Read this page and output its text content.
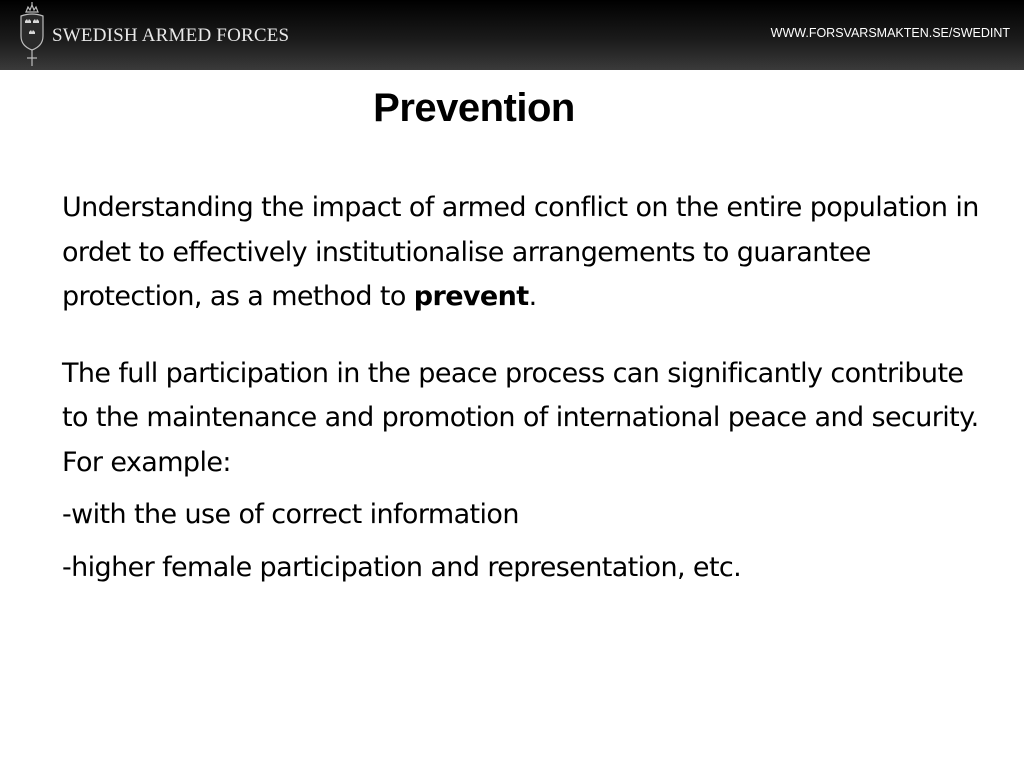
SWEDISH ARMED FORCES	WWW.FORSVARSMAKTEN.SE/SWEDINT
Prevention

Understanding the impact of armed conflict on the entire population in ordet to effectively institutionalise arrangements to guarantee protection, as a method to prevent.

The full participation in the peace process can significantly contribute to the maintenance and promotion of international peace and security. For example:

-with the use of correct information

-higher female participation and representation, etc.
